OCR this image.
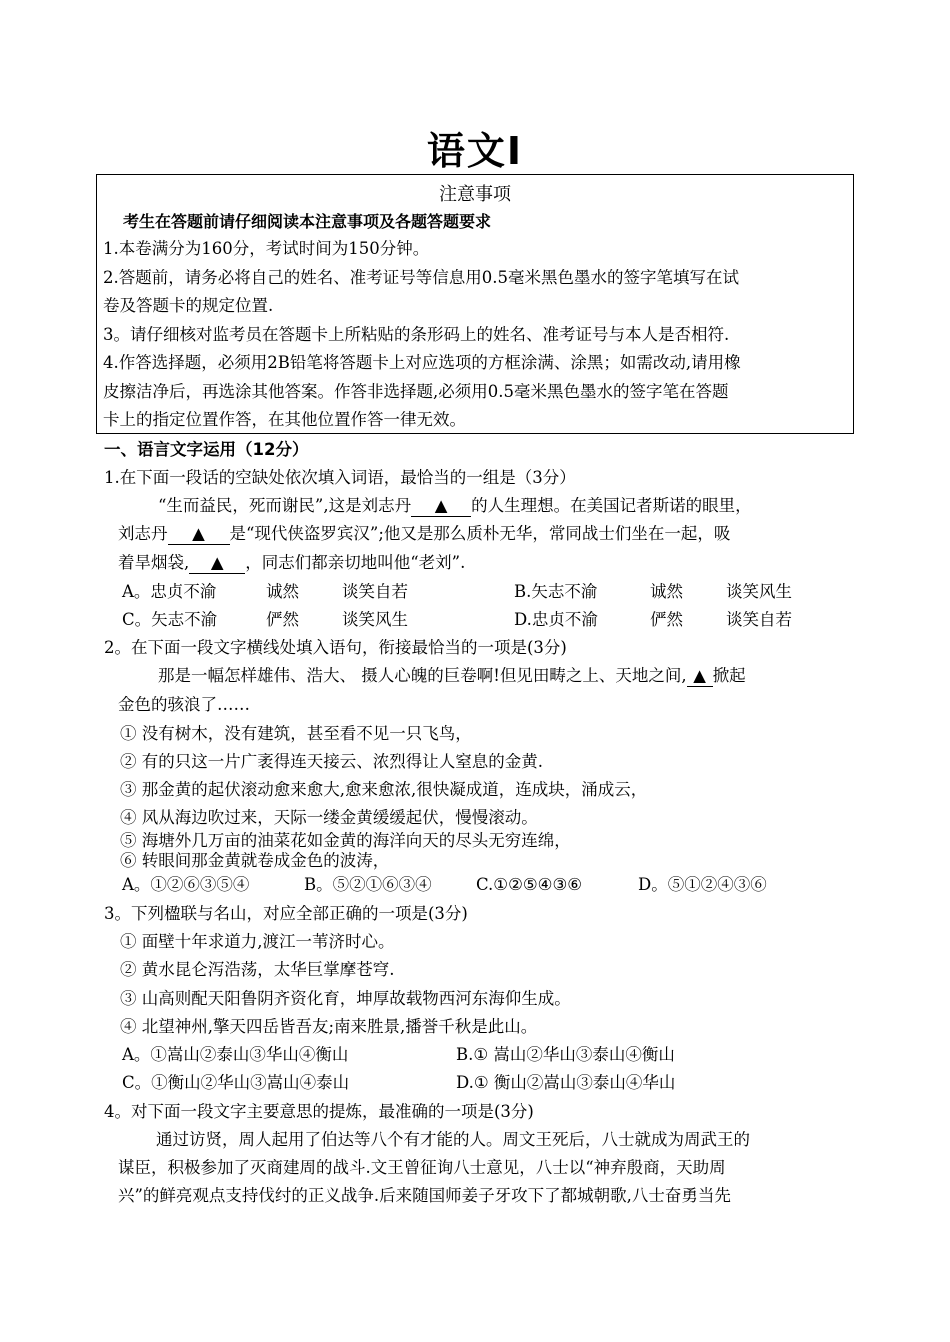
语文Ⅰ
注意事项
考生在答题前请仔细阅读本注意事项及各题答题要求
1.本卷满分为160分，考试时间为150分钟。
2.答题前，请务必将自己的姓名、准考证号等信息用0.5毫米黑色墨水的签字笔填写在试
卷及答题卡的规定位置.
3。请仔细核对监考员在答题卡上所粘贴的条形码上的姓名、准考证号与本人是否相符.
4.作答选择题，必须用2B铅笔将答题卡上对应选项的方框涂满、涂黑；如需改动,请用橡
皮擦洁净后，再选涂其他答案。作答非选择题,必须用0.5毫米黑色墨水的签字笔在答题
卡上的指定位置作答，在其他位置作答一律无效。
一、语言文字运用（12分）
1.在下面一段话的空缺处依次填入词语，最恰当的一组是（3分）
“生而益民，死而谢民”,这是刘志丹 ▲ 的人生理想。在美国记者斯诺的眼里，
刘志丹 ▲ 是“现代侠盗罗宾汉”;他又是那么质朴无华，常同战士们坐在一起，吸
着旱烟袋, ▲ ，同志们都亲切地叫他“老刘”.
A。忠贞不渝	诚然	谈笑自若	B.矢志不渝	诚然	谈笑风生
C。矢志不渝	俨然	谈笑风生	D.忠贞不渝	俨然	谈笑自若
2。在下面一段文字横线处填入语句，衔接最恰当的一项是(3分)
那是一幅怎样雄伟、浩大、 摄人心魄的巨卷啊!但见田畴之上、天地之间, ▲ 掀起
金色的骇浪了……
① 没有树木，没有建筑，甚至看不见一只飞鸟，
② 有的只这一片广袤得连天接云、浓烈得让人窒息的金黄.
③ 那金黄的起伏滚动愈来愈大,愈来愈浓,很快凝成道，连成块，涌成云，
④ 风从海边吹过来，天际一缕金黄缓缓起伏，慢慢滚动。
⑤ 海塘外几万亩的油菜花如金黄的海洋向天的尽头无穷连绵，
⑥ 转眼间那金黄就卷成金色的波涛，
A。①②⑥③⑤④	B。⑤②①⑥③④	C.①②⑤④③⑥	D。⑤①②④③⑥
3。下列楹联与名山，对应全部正确的一项是(3分)
① 面壁十年求道力,渡江一苇济时心。
② 黄水昆仑泻浩荡，太华巨掌摩苍穹.
③ 山高则配天阳鲁阴齐资化育，坤厚故载物西河东海仰生成。
④ 北望神州,擎天四岳皆吾友;南来胜景,播誉千秋是此山。
A。①嵩山②泰山③华山④衡山	B.① 嵩山②华山③泰山④衡山
C。①衡山②华山③嵩山④泰山	D.① 衡山②嵩山③泰山④华山
4。对下面一段文字主要意思的提炼，最准确的一项是(3分)
通过访贤，周人起用了伯达等八个有才能的人。周文王死后，八士就成为周武王的
谋臣，积极参加了灭商建周的战斗.文王曾征询八士意见，八士以“神弃殷商，天助周
兴”的鲜亮观点支持伐纣的正义战争.后来随国师姜子牙攻下了都城朝歌,八士奋勇当先
